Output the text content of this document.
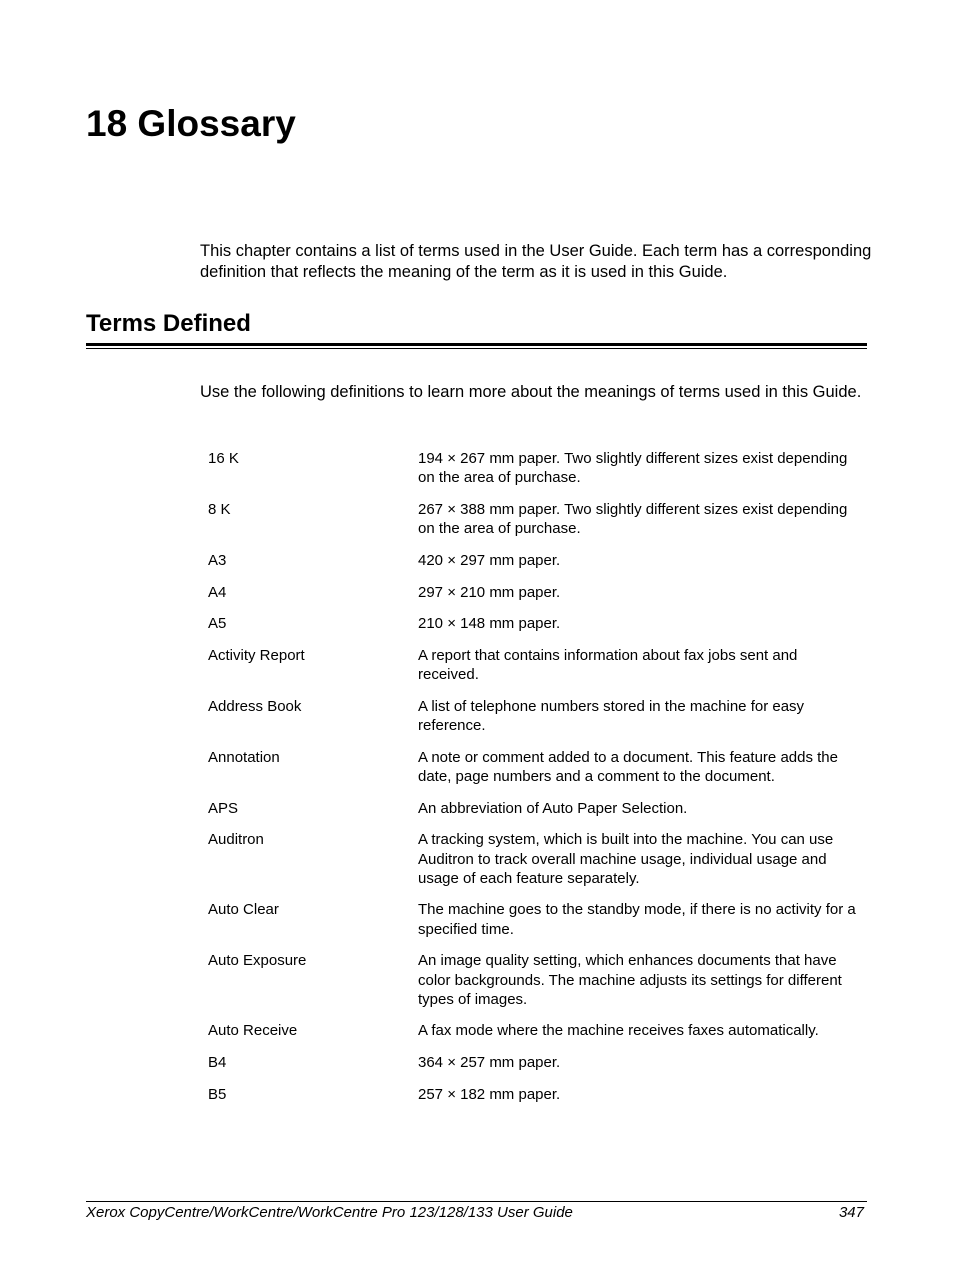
18 Glossary

This chapter contains a list of terms used in the User Guide. Each term has a corresponding definition that reflects the meaning of the term as it is used in this Guide.

Terms Defined

Use the following definitions to learn more about the meanings of terms used in this Guide.

16 K	194 × 267 mm paper. Two slightly different sizes exist depending on the area of purchase.
8 K	267 × 388 mm paper. Two slightly different sizes exist depending on the area of purchase.
A3	420 × 297 mm paper.
A4	297 × 210 mm paper.
A5	210 × 148 mm paper.
Activity Report	A report that contains information about fax jobs sent and received.
Address Book	A list of telephone numbers stored in the machine for easy reference.
Annotation	A note or comment added to a document. This feature adds the date, page numbers and a comment to the document.
APS	An abbreviation of Auto Paper Selection.
Auditron	A tracking system, which is built into the machine. You can use Auditron to track overall machine usage, individual usage and usage of each feature separately.
Auto Clear	The machine goes to the standby mode, if there is no activity for a specified time.
Auto Exposure	An image quality setting, which enhances documents that have color backgrounds. The machine adjusts its settings for different types of images.
Auto Receive	A fax mode where the machine receives faxes automatically.
B4	364 × 257 mm paper.
B5	257 × 182 mm paper.
Xerox CopyCentre/WorkCentre/WorkCentre Pro 123/128/133 User Guide	347
